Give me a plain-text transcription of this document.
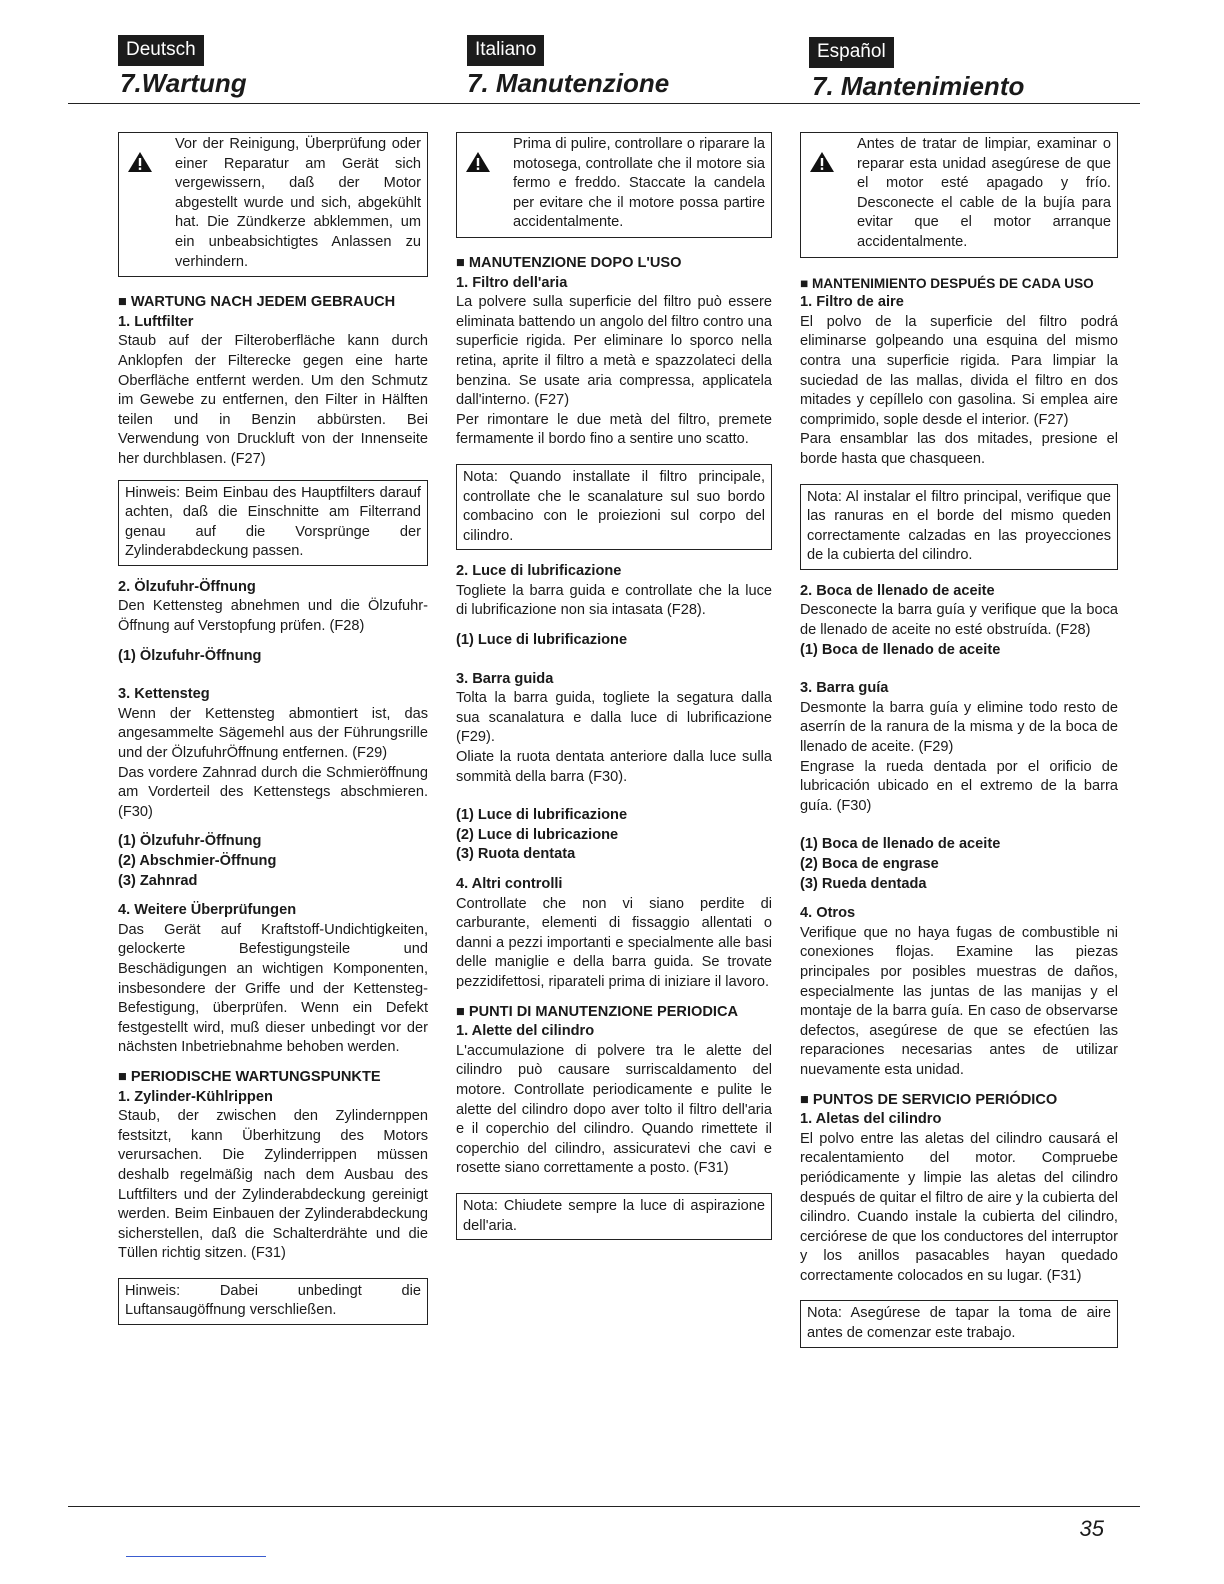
Deutsch
7.Wartung
Italiano
7. Manutenzione
Español
7. Mantenimiento

Vor der Reinigung, Überprüfung oder einer Reparatur am Gerät sich vergewissern, daß der Motor abgestellt wurde und sich, abgekühlt hat. Die Zündkerze abklemmen, um ein unbeabsichtigtes Anlassen zu verhindern.

■ WARTUNG NACH JEDEM GEBRAUCH

1. Luftfilter

Staub auf der Filteroberfläche kann durch Anklopfen der Filterecke gegen eine harte Oberfläche entfernt werden. Um den Schmutz im Gewebe zu entfernen, den Filter in Hälften teilen und in Benzin abbürsten. Bei Verwendung von Druckluft von der Innenseite her durchblasen. (F27)

Hinweis: Beim Einbau des Hauptfilters darauf achten, daß die Einschnitte am Filterrand genau auf die Vorsprünge der Zylinderabdeckung passen.

2. Ölzufuhr-Öffnung

Den Kettensteg abnehmen und die Ölzufuhr-Öffnung auf Verstopfung prüfen. (F28)

(1) Ölzufuhr-Öffnung

3. Kettensteg

Wenn der Kettensteg abmontiert ist, das angesammelte Sägemehl aus der Führungsrille und der ÖlzufuhrÖffnung entfernen. (F29)

Das vordere Zahnrad durch die Schmieröffnung am Vorderteil des Kettenstegs abschmieren. (F30)

(1) Ölzufuhr-Öffnung

(2) Abschmier-Öffnung

(3) Zahnrad

4. Weitere Überprüfungen

Das Gerät auf Kraftstoff-Undichtigkeiten, gelockerte Befestigungsteile und Beschädigungen an wichtigen Komponenten, insbesondere der Griffe und der Kettensteg-Befestigung, überprüfen. Wenn ein Defekt festgestellt wird, muß dieser unbedingt vor der nächsten Inbetriebnahme behoben werden.

■ PERIODISCHE WARTUNGSPUNKTE

1. Zylinder-Kühlrippen

Staub, der zwischen den Zylindernppen festsitzt, kann Überhitzung des Motors verursachen. Die Zylinderrippen müssen deshalb regelmäßig nach dem Ausbau des Luftfilters und der Zylinderabdeckung gereinigt werden. Beim Einbauen der Zylinderabdeckung sicherstellen, daß die Schalterdrähte und die Tüllen richtig sitzen. (F31)

Hinweis: Dabei unbedingt die Luftansaugöffnung verschließen.

Prima di pulire, controllare o riparare la motosega, controllate che il motore sia fermo e freddo. Staccate la candela per evitare che il motore possa partire accidentalmente.

■ MANUTENZIONE DOPO L'USO

1. Filtro dell'aria

La polvere sulla superficie del filtro può essere eliminata battendo un angolo del filtro contro una superficie rigida. Per eliminare lo sporco nella retina, aprite il filtro a metà e spazzolateci della benzina. Se usate aria compressa, applicatela dall'interno. (F27)

Per rimontare le due metà del filtro, premete fermamente il bordo fino a sentire uno scatto.

Nota: Quando installate il filtro principale, controllate che le scanalature sul suo bordo combacino con le proiezioni sul corpo del cilindro.

2. Luce di lubrificazione

Togliete la barra guida e controllate che la luce di lubrificazione non sia intasata (F28).

(1) Luce di lubrificazione

3. Barra guida

Tolta la barra guida, togliete la segatura dalla sua scanalatura e dalla luce di lubrificazione (F29).

Oliate la ruota dentata anteriore dalla luce sulla sommità della barra (F30).

(1) Luce di lubrificazione

(2) Luce di lubricazione

(3) Ruota dentata

4. Altri controlli

Controllate che non vi siano perdite di carburante, elementi di fissaggio allentati o danni a pezzi importanti e specialmente alle basi delle maniglie e della barra guida. Se trovate pezzidifettosi, riparateli prima di iniziare il lavoro.

■ PUNTI DI MANUTENZIONE PERIODICA

1. Alette del cilindro

L'accumulazione di polvere tra le alette del cilindro può causare surriscaldamento del motore. Controllate periodicamente e pulite le alette del cilindro dopo aver tolto il filtro dell'aria e il coperchio del cilindro. Quando rimettete il coperchio del cilindro, assicuratevi che cavi e rosette siano correttamente a posto. (F31)

Nota: Chiudete sempre la luce di aspirazione dell'aria.

Antes de tratar de limpiar, examinar o reparar esta unidad asegúrese de que el motor esté apagado y frío. Desconecte el cable de la bujía para evitar que el motor arranque accidentalmente.

■ MANTENIMIENTO DESPUÉS DE CADA USO

1. Filtro de aire

El polvo de la superficie del filtro podrá eliminarse golpeando una esquina del mismo contra una superficie rigida. Para limpiar la suciedad de las mallas, divida el filtro en dos mitades y cepíllelo con gasolina. Si emplea aire comprimido, sople desde el interior. (F27)

Para ensamblar las dos mitades, presione el borde hasta que chasqueen.

Nota: Al instalar el filtro principal, verifique que las ranuras en el borde del mismo queden correctamente calzadas en las proyecciones de la cubierta del cilindro.

2. Boca de llenado de aceite

Desconecte la barra guía y verifique que la boca de llenado de aceite no esté obstruída. (F28)

(1) Boca de llenado de aceite

3. Barra guía

Desmonte la barra guía y elimine todo resto de aserrín de la ranura de la misma y de la boca de llenado de aceite. (F29)

Engrase la rueda dentada por el orificio de lubricación ubicado en el extremo de la barra guía. (F30)

(1) Boca de llenado de aceite

(2) Boca de engrase

(3) Rueda dentada

4. Otros

Verifique que no haya fugas de combustible ni conexiones flojas. Examine las piezas principales por posibles muestras de daños, especialmente las juntas de las manijas y el montaje de la barra guía. En caso de observarse defectos, asegúrese de que se efectúen las reparaciones necesarias antes de utilizar nuevamente esta unidad.

■ PUNTOS DE SERVICIO PERIÓDICO

1. Aletas del cilindro

El polvo entre las aletas del cilindro causará el recalentamiento del motor. Compruebe periódicamente y limpie las aletas del cilindro después de quitar el filtro de aire y la cubierta del cilindro. Cuando instale la cubierta del cilindro, cerciórese de que los conductores del interruptor y los anillos pasacables hayan quedado correctamente colocados en su lugar. (F31)

Nota: Asegúrese de tapar la toma de aire antes de comenzar este trabajo.

35
